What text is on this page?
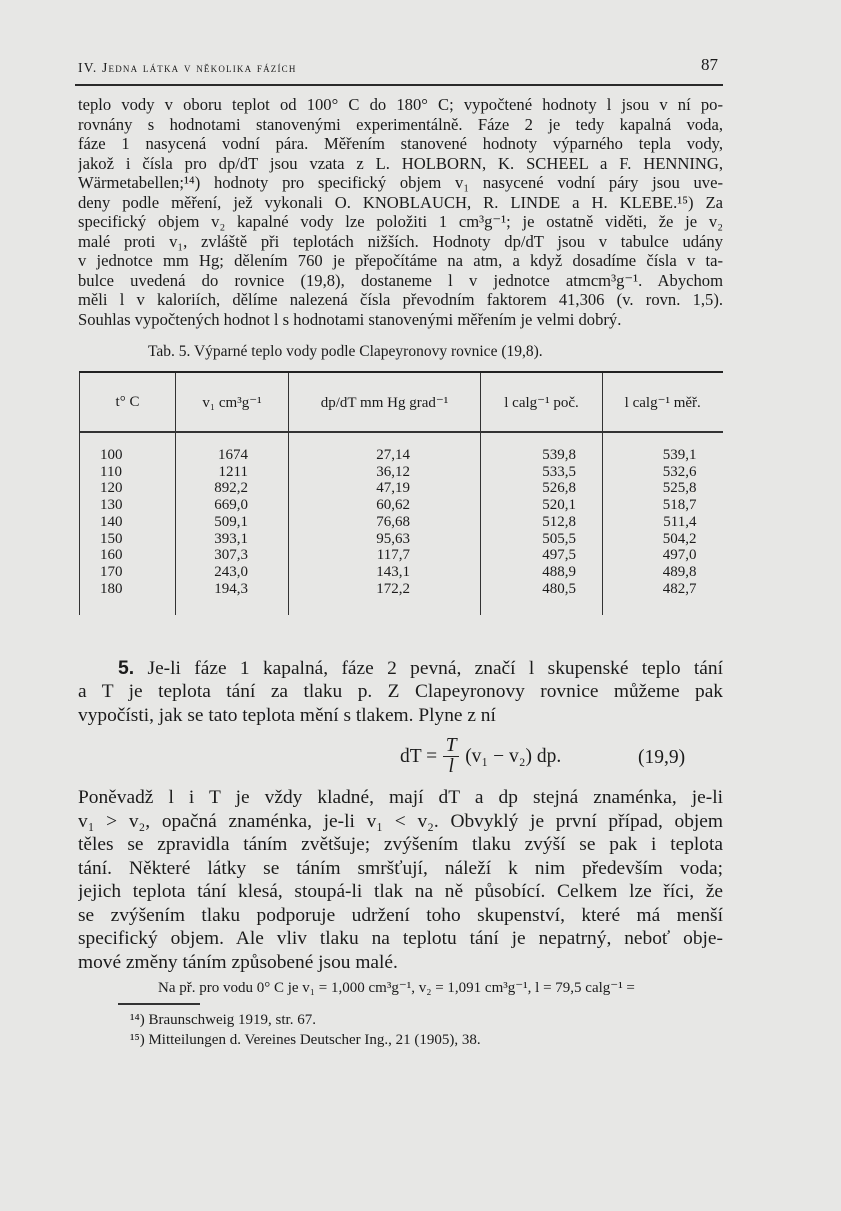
IV. Jedna látka v několika fázích	87
teplo vody v oboru teplot od 100° C do 180° C; vypočtené hodnoty l jsou v ní po-
rovnány s hodnotami stanovenými experimentálně. Fáze 2 je tedy kapalná voda,
fáze 1 nasycená vodní pára. Měřením stanovené hodnoty výparného tepla vody,
jakož i čísla pro dp/dT jsou vzata z L. HOLBORN, K. SCHEEL a F. HENNING,
Wärmetabellen;¹⁴) hodnoty pro specifický objem v₁ nasycené vodní páry jsou uve-
deny podle měření, jež vykonali O. KNOBLAUCH, R. LINDE a H. KLEBE.¹⁵) Za
specifický objem v₂ kapalné vody lze položiti 1 cm³g⁻¹; je ostatně viděti, že je v₂
malé proti v₁, zvláště při teplotách nižších. Hodnoty dp/dT jsou v tabulce udány
v jednotce mm Hg; dělením 760 je přepočítáme na atm, a když dosadíme čísla v ta-
bulce uvedená do rovnice (19,8), dostaneme l v jednotce atmcm³g⁻¹. Abychom
měli l v kaloriích, dělíme nalezená čísla převodním faktorem 41,306 (v. rovn. 1,5).
Souhlas vypočtených hodnot l s hodnotami stanovenými měřením je velmi dobrý.
Tab. 5. Výparné teplo vody podle Clapeyronovy rovnice (19,8).
t° C	v₁ cm³g⁻¹	dp/dT mm Hg grad⁻¹	l calg⁻¹ poč.	l calg⁻¹ měř.
100	1674	27,14	539,8	539,1
110	1211	36,12	533,5	532,6
120	892,2	47,19	526,8	525,8
130	669,0	60,62	520,1	518,7
140	509,1	76,68	512,8	511,4
150	393,1	95,63	505,5	504,2
160	307,3	117,7	497,5	497,0
170	243,0	143,1	488,9	489,8
180	194,3	172,2	480,5	482,7
5. Je-li fáze 1 kapalná, fáze 2 pevná, značí l skupenské teplo tání
a T je teplota tání za tlaku p. Z Clapeyronovy rovnice můžeme pak
vypočísti, jak se tato teplota mění s tlakem. Plyne z ní
dT = $\frac{T}{l} (v_1 - v_2)$ dp.	(19,9)
Poněvadž l i T je vždy kladné, mají dT a dp stejná znaménka, je-li
v₁ > v₂, opačná znaménka, je-li v₁ < v₂. Obvyklý je první případ, objem
těles se zpravidla táním zvětšuje; zvýšením tlaku zvýší se pak i teplota
tání. Některé látky se táním smršťují, náleží k nim především voda;
jejich teplota tání klesá, stoupá-li tlak na ně působící. Celkem lze říci, že
se zvýšením tlaku podporuje udržení toho skupenství, které má menší
specifický objem. Ale vliv tlaku na teplotu tání je nepatrný, neboť obje-
mové změny táním způsobené jsou malé.
Na př. pro vodu 0° C je v₁ = 1,000 cm³g⁻¹, v₂ = 1,091 cm³g⁻¹, l = 79,5 calg⁻¹ =
¹⁴) Braunschweig 1919, str. 67.
¹⁵) Mitteilungen d. Vereines Deutscher Ing., 21 (1905), 38.
